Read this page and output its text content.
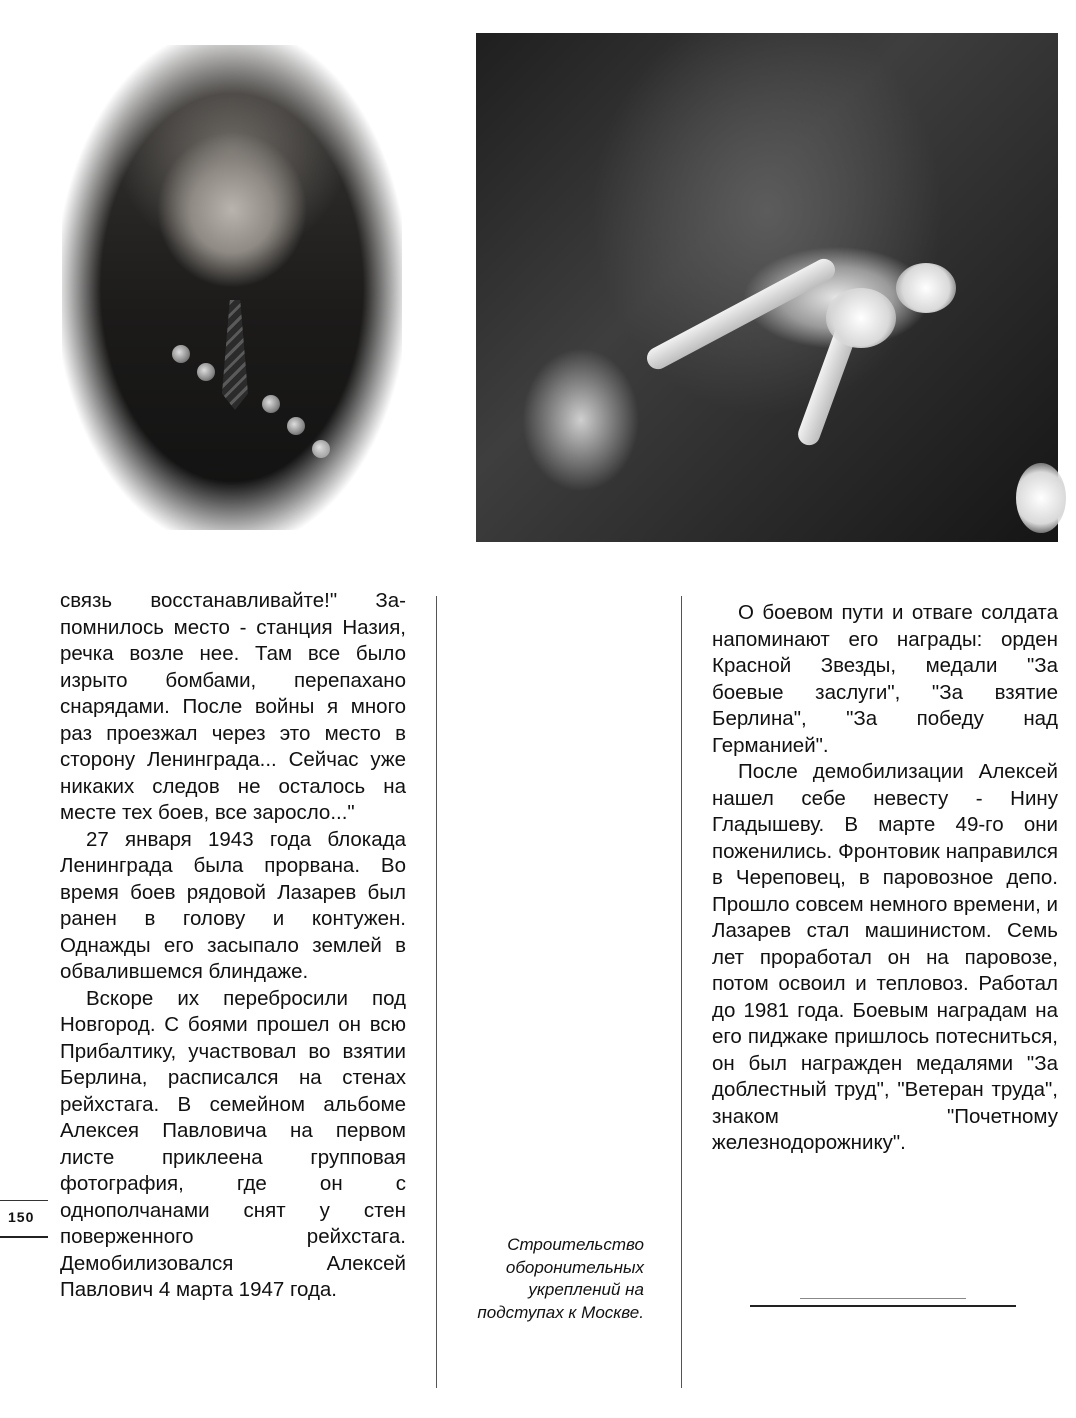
связь восстанавливайте!" За-помнилось место - станция Назия, речка возле нее. Там все было изрыто бомбами, перепахано снарядами. После войны я много раз проезжал через это место в сторону Ленинграда... Сейчас уже никаких следов не осталось на месте тех боев, все заросло..."

27 января 1943 года блокада Ленинграда была прорвана. Во время боев рядовой Лазарев был ранен в голову и контужен. Однажды его засыпало землей в обвалившемся блиндаже.

Вскоре их перебросили под Новгород. С боями прошел он всю Прибалтику, участвовал во взятии Берлина, расписался на стенах рейхстага. В семейном альбоме Алексея Павловича на первом листе приклеена групповая фотография, где он с однополчанами снят у стен поверженного рейхстага. Демобилизовался Алексей Павлович 4 марта 1947 года.

Строительство оборонительных укреплений на подступах к Москве.

О боевом пути и отваге солдата напоминают его награды: орден Красной Звезды, медали "За боевые заслуги", "За взятие Берлина", "За победу над Германией".

После демобилизации Алексей нашел себе невесту - Нину Гладышеву. В марте 49-го они поженились. Фронтовик направился в Череповец, в паровозное депо. Прошло совсем немного времени, и Лазарев стал машинистом. Семь лет проработал он на паровозе, потом освоил и тепловоз. Работал до 1981 года. Боевым наградам на его пиджаке пришлось потесниться, он был награжден медалями "За доблестный труд", "Ветеран труда", знаком "Почетному железнодорожнику".

150
